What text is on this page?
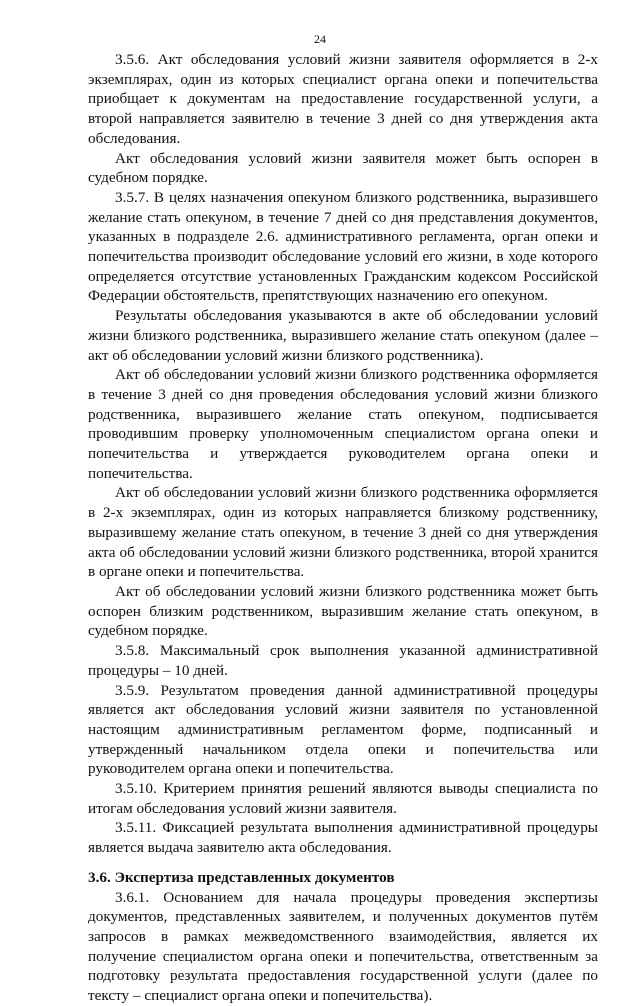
24

3.5.6. Акт обследования условий жизни заявителя оформляется в 2-х экземплярах, один из которых специалист органа опеки и попечительства приобщает к документам на предоставление государственной услуги, а второй направляется заявителю в течение 3 дней со дня утверждения акта обследования.

Акт обследования условий жизни заявителя может быть оспорен в судебном порядке.

3.5.7. В целях назначения опекуном близкого родственника, выразившего желание стать опекуном, в течение 7 дней со дня представления документов, указанных в подразделе 2.6. административного регламента, орган опеки и попечительства производит обследование условий его жизни, в ходе которого определяется отсутствие установленных Гражданским кодексом Российской Федерации обстоятельств, препятствующих назначению его опекуном.

Результаты обследования указываются в акте об обследовании условий жизни близкого родственника, выразившего желание стать опекуном (далее – акт об обследовании условий жизни близкого родственника).

Акт об обследовании условий жизни близкого родственника оформляется в течение 3 дней со дня проведения обследования условий жизни близкого родственника, выразившего желание стать опекуном, подписывается проводившим проверку уполномоченным специалистом органа опеки и попечительства и утверждается руководителем органа опеки и попечительства.

Акт об обследовании условий жизни близкого родственника оформляется в 2-х экземплярах, один из которых направляется близкому родственнику, выразившему желание стать опекуном, в течение 3 дней со дня утверждения акта об обследовании условий жизни близкого родственника, второй хранится в органе опеки и попечительства.

Акт об обследовании условий жизни близкого родственника может быть оспорен близким родственником, выразившим желание стать опекуном, в судебном порядке.

3.5.8. Максимальный срок выполнения указанной административной процедуры – 10 дней.

3.5.9. Результатом проведения данной административной процедуры является акт обследования условий жизни заявителя по установленной настоящим административным регламентом форме, подписанный и утвержденный начальником отдела опеки и попечительства или руководителем органа опеки и попечительства.

3.5.10. Критерием принятия решений являются выводы специалиста по итогам обследования условий жизни заявителя.

3.5.11. Фиксацией результата выполнения административной процедуры является выдача заявителю акта обследования.

3.6. Экспертиза представленных документов

3.6.1. Основанием для начала процедуры проведения экспертизы документов, представленных заявителем, и полученных документов путём запросов в рамках межведомственного взаимодействия, является их получение специалистом органа опеки и попечительства, ответственным за подготовку результата предоставления государственной услуги (далее по тексту – специалист органа опеки и попечительства).
